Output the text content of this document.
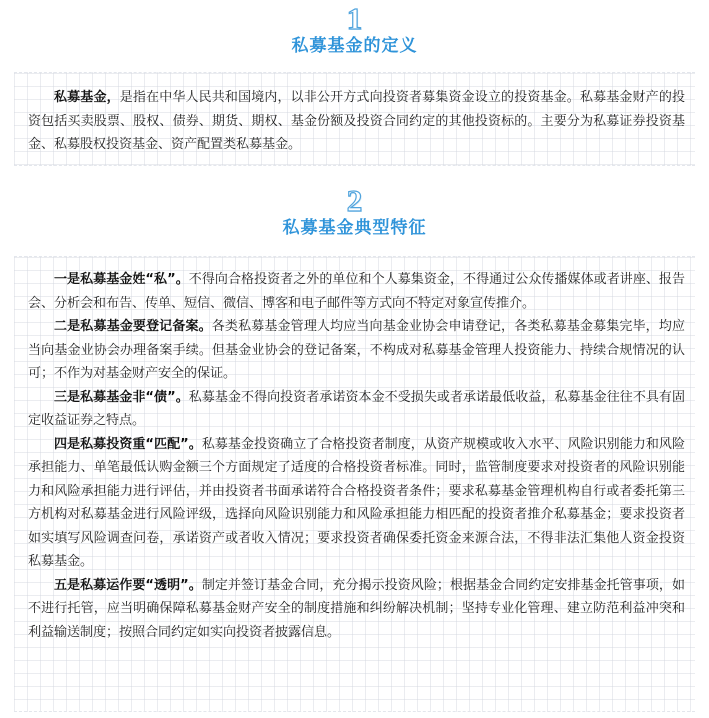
1
私募基金的定义

私募基金，是指在中华人民共和国境内，以非公开方式向投资者募集资金设立的投资基金。私募基金财产的投资包括买卖股票、股权、债券、期货、期权、基金份额及投资合同约定的其他投资标的。主要分为私募证券投资基金、私募股权投资基金、资产配置类私募基金。

2
私募基金典型特征

一是私募基金姓“私”。不得向合格投资者之外的单位和个人募集资金，不得通过公众传播媒体或者讲座、报告会、分析会和布告、传单、短信、微信、博客和电子邮件等方式向不特定对象宣传推介。

二是私募基金要登记备案。各类私募基金管理人均应当向基金业协会申请登记，各类私募基金募集完毕，均应当向基金业协会办理备案手续。但基金业协会的登记备案，不构成对私募基金管理人投资能力、持续合规情况的认可；不作为对基金财产安全的保证。

三是私募基金非“债”。私募基金不得向投资者承诺资本金不受损失或者承诺最低收益，私募基金往往不具有固定收益证券之特点。

四是私募投资重“匹配”。私募基金投资确立了合格投资者制度，从资产规模或收入水平、风险识别能力和风险承担能力、单笔最低认购金额三个方面规定了适度的合格投资者标准。同时，监管制度要求对投资者的风险识别能力和风险承担能力进行评估，并由投资者书面承诺符合合格投资者条件；要求私募基金管理机构自行或者委托第三方机构对私募基金进行风险评级，选择向风险识别能力和风险承担能力相匹配的投资者推介私募基金；要求投资者如实填写风险调查问卷，承诺资产或者收入情况；要求投资者确保委托资金来源合法，不得非法汇集他人资金投资私募基金。

五是私募运作要“透明”。制定并签订基金合同，充分揭示投资风险；根据基金合同约定安排基金托管事项，如不进行托管，应当明确保障私募基金财产安全的制度措施和纠纷解决机制；坚持专业化管理、建立防范利益冲突和利益输送制度；按照合同约定如实向投资者披露信息。
